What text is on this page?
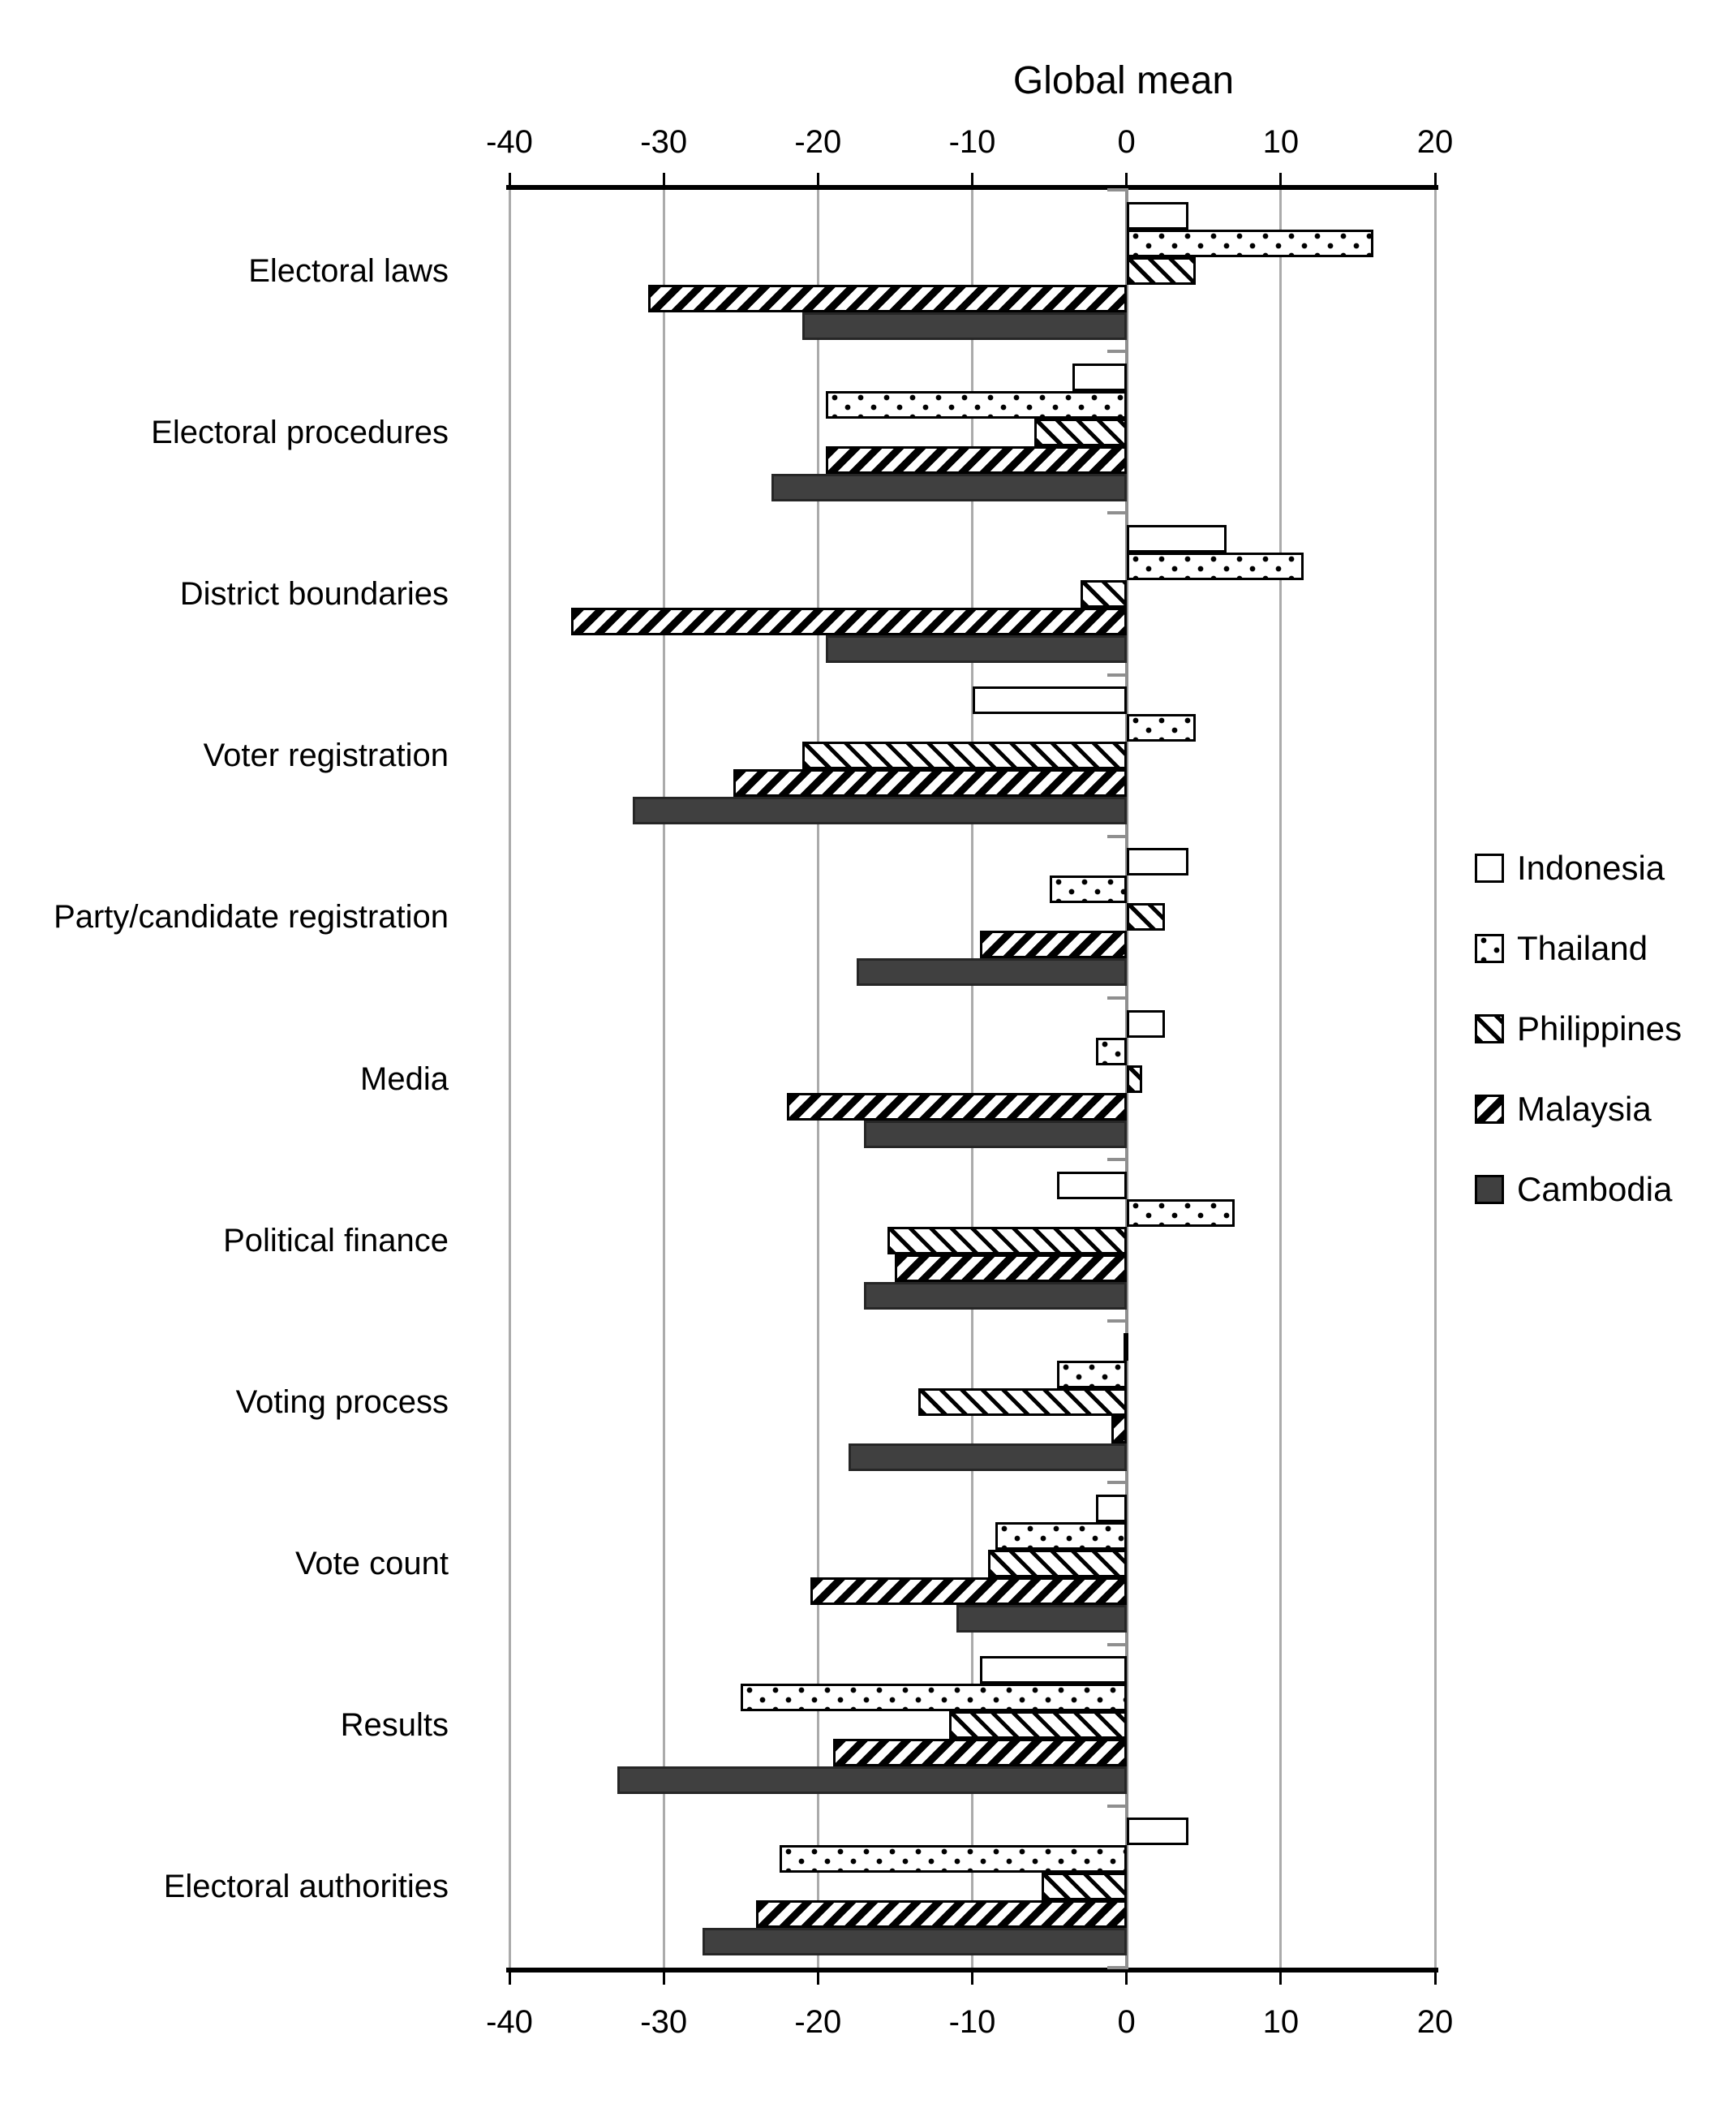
Global mean
-40
-40
-30
-30
-20
-20
-10
-10
0
0
10
10
20
20
Electoral laws
Electoral procedures
District boundaries
Voter registration
Party/candidate registration
Media
Political finance
Voting process
Vote count
Results
Electoral authorities
Indonesia
Thailand
Philippines
Malaysia
Cambodia
